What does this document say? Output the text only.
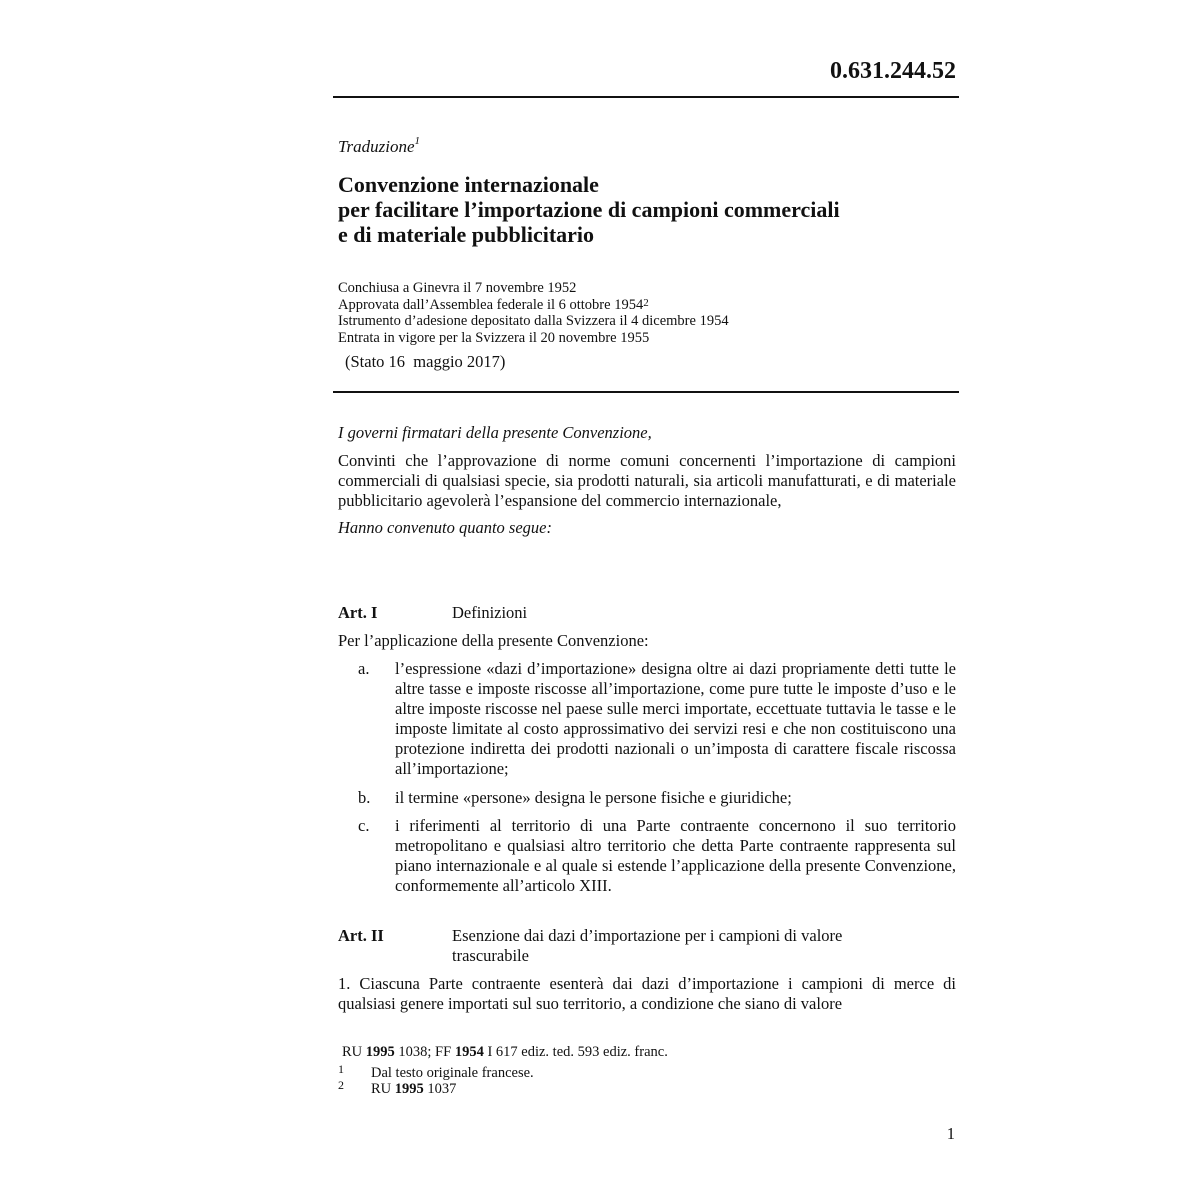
0.631.244.52
Traduzione$^1$
Convenzione internazionale
per facilitare l’importazione di campioni commerciali
e di materiale pubblicitario
Conchiusa a Ginevra il 7 novembre 1952
Approvata dall’Assemblea federale il 6 ottobre 1954$^2$
Istrumento d’adesione depositato dalla Svizzera il 4 dicembre 1954
Entrata in vigore per la Svizzera il 20 novembre 1955
(Stato 16  maggio 2017)
I governi firmatari della presente Convenzione,
Convinti che l’approvazione di norme comuni concernenti l’importazione di campioni commerciali di qualsiasi specie, sia prodotti naturali, sia articoli manufatturati, e di materiale pubblicitario agevolerà l’espansione del commercio internazionale,
Hanno convenuto quanto segue:
Art. I	Definizioni
Per l’applicazione della presente Convenzione:
a. l’espressione «dazi d’importazione» designa oltre ai dazi propriamente detti tutte le altre tasse e imposte riscosse all’importazione, come pure tutte le imposte d’uso e le altre imposte riscosse nel paese sulle merci importate, eccettuate tuttavia le tasse e le imposte limitate al costo approssimativo dei servizi resi e che non costituiscono una protezione indiretta dei prodotti nazionali o un’imposta di carattere fiscale riscossa all’importazione;
b. il termine «persone» designa le persone fisiche e giuridiche;
c. i riferimenti al territorio di una Parte contraente concernono il suo territorio metropolitano e qualsiasi altro territorio che detta Parte contraente rappresenta sul piano internazionale e al quale si estende l’applicazione della presente Convenzione, conformemente all’articolo XIII.
Art. II	Esenzione dai dazi d’importazione per i campioni di valore trascurabile
1. Ciascuna Parte contraente esenterà dai dazi d’importazione i campioni di merce di qualsiasi genere importati sul suo territorio, a condizione che siano di valore
RU 1995 1038; FF 1954 I 617 ediz. ted. 593 ediz. franc.
1 Dal testo originale francese.
2 RU 1995 1037
1
